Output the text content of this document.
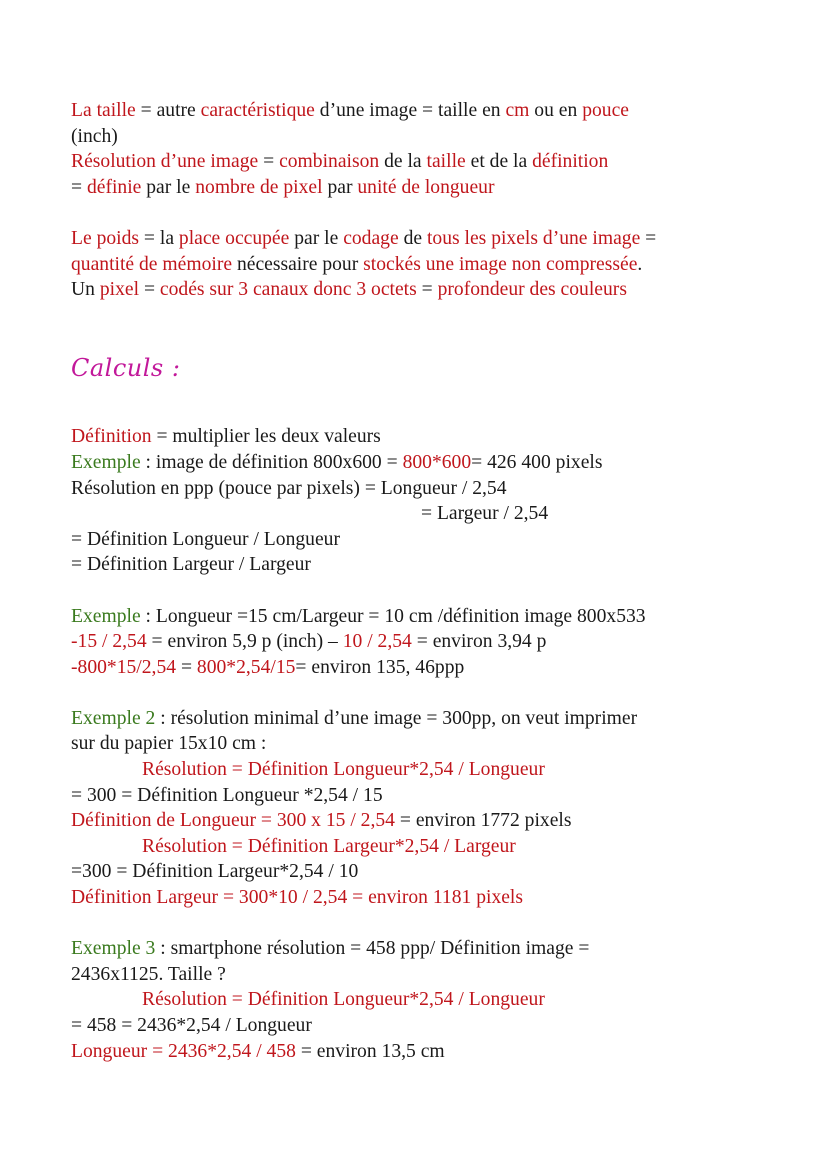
La taille = autre caractéristique d’une image = taille en cm ou en pouce
(inch)
Résolution d’une image = combinaison de la taille et de la définition
= définie par le nombre de pixel par unité de longueur
Le poids = la place occupée par le codage de tous les pixels d’une image =
quantité de mémoire nécessaire pour stockés une image non compressée.
Un pixel = codés sur 3 canaux donc 3 octets = profondeur des couleurs
Calculs :
Définition = multiplier les deux valeurs
Exemple : image de définition 800x600 = 800*600= 426 400 pixels
Résolution en ppp (pouce par pixels) = Longueur / 2,54
= Largeur / 2,54
= Définition Longueur / Longueur
= Définition Largeur / Largeur
Exemple : Longueur =15 cm/Largeur = 10 cm /définition image 800x533
-15 / 2,54 = environ 5,9 p (inch) – 10 / 2,54 = environ 3,94 p
-800*15/2,54 = 800*2,54/15= environ 135, 46ppp
Exemple 2 : résolution minimal d’une image = 300pp, on veut imprimer
sur du papier 15x10 cm :
Résolution = Définition Longueur*2,54 / Longueur
= 300 = Définition Longueur *2,54 / 15
Définition de Longueur = 300 x 15 / 2,54 = environ 1772 pixels
Résolution = Définition Largeur*2,54 / Largeur
=300 = Définition Largeur*2,54 / 10
Définition Largeur = 300*10 / 2,54 = environ 1181 pixels
Exemple 3 : smartphone résolution = 458 ppp/ Définition image =
2436x1125. Taille ?
Résolution = Définition Longueur*2,54 / Longueur
= 458 = 2436*2,54 / Longueur
Longueur = 2436*2,54 / 458 = environ 13,5 cm
